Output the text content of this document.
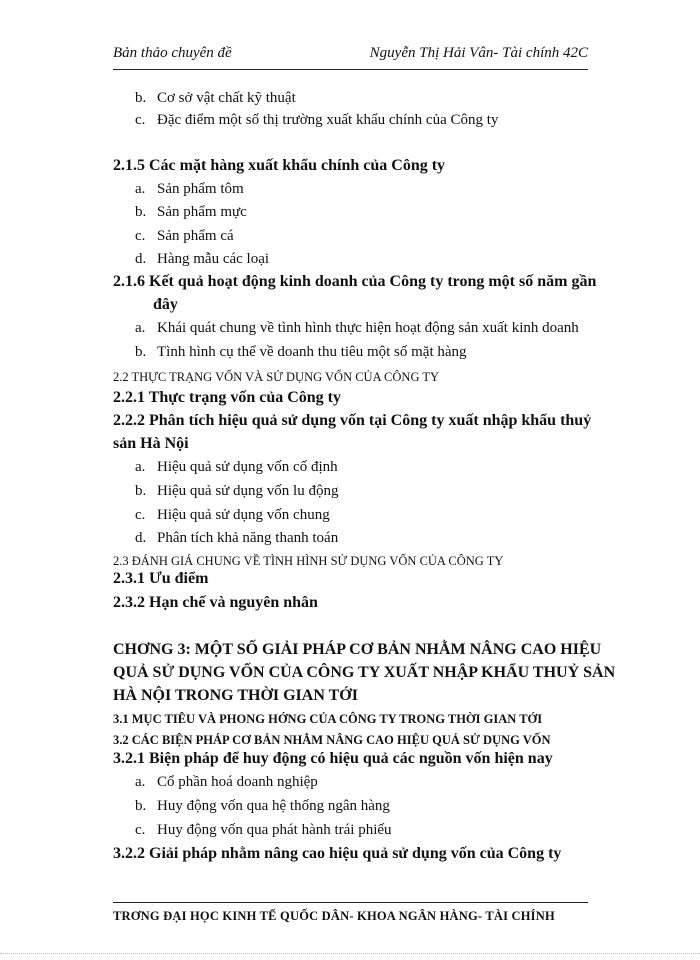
Bản thảo chuyên đề	Nguyễn Thị Hải Vân- Tài chính 42C
b. Cơ sở vật chất kỹ thuật
c. Đặc điểm một số thị trường xuất khẩu chính của Công ty
2.1.5 Các mặt hàng xuất khẩu chính của Công ty
a. Sản phẩm tôm
b. Sản phẩm mực
c. Sản phẩm cá
d. Hàng mẫu các loại
2.1.6 Kết quả hoạt động kinh doanh của Công ty trong một số năm gần
đây
a. Khái quát chung về tình hình thực hiện hoạt động sản xuất kinh doanh
b. Tình hình cụ thể về doanh thu tiêu một số mặt hàng
2.2 THỰC TRẠNG VỐN VÀ SỬ DỤNG VỐN CỦA CÔNG TY
2.2.1 Thực trạng vốn của Công ty
2.2.2 Phân tích hiệu quả sử dụng vốn tại Công ty xuất nhập khẩu thuỷ
sản Hà Nội
a. Hiệu quả sử dụng vốn cố định
b. Hiệu quả sử dụng vốn lu động
c. Hiệu quả sử dụng vốn chung
d. Phân tích khả năng thanh toán
2.3 ĐÁNH GIÁ CHUNG VỀ TÌNH HÌNH SỬ DỤNG VỐN CỦA CÔNG TY
2.3.1 Ưu điểm
2.3.2 Hạn chế và nguyên nhân
CHƠNG 3: MỘT SỐ GIẢI PHÁP CƠ BẢN NHẰM NÂNG CAO HIỆU
QUẢ SỬ DỤNG VỐN CỦA CÔNG TY XUẤT NHẬP KHẨU THUỶ SẢN
HÀ NỘI TRONG THỜI GIAN TỚI
3.1 MỤC TIÊU VÀ PHONG HỚNG CỦA CÔNG TY TRONG THỜI GIAN TỚI
3.2 CÁC BIỆN PHÁP CƠ BẢN NHẰM NÂNG CAO HIỆU QUẢ SỬ DỤNG VỐN
3.2.1 Biện pháp để huy động có hiệu quả các nguồn vốn hiện nay
a. Cổ phần hoá doanh nghiệp
b. Huy động vốn qua hệ thống ngân hàng
c. Huy động vốn qua phát hành trái phiếu
3.2.2 Giải pháp nhằm nâng cao hiệu quả sử dụng vốn của Công ty
TRƠNG ĐẠI HỌC KINH TẾ QUỐC DÂN- KHOA NGÂN HÀNG- TÀI CHÍNH
